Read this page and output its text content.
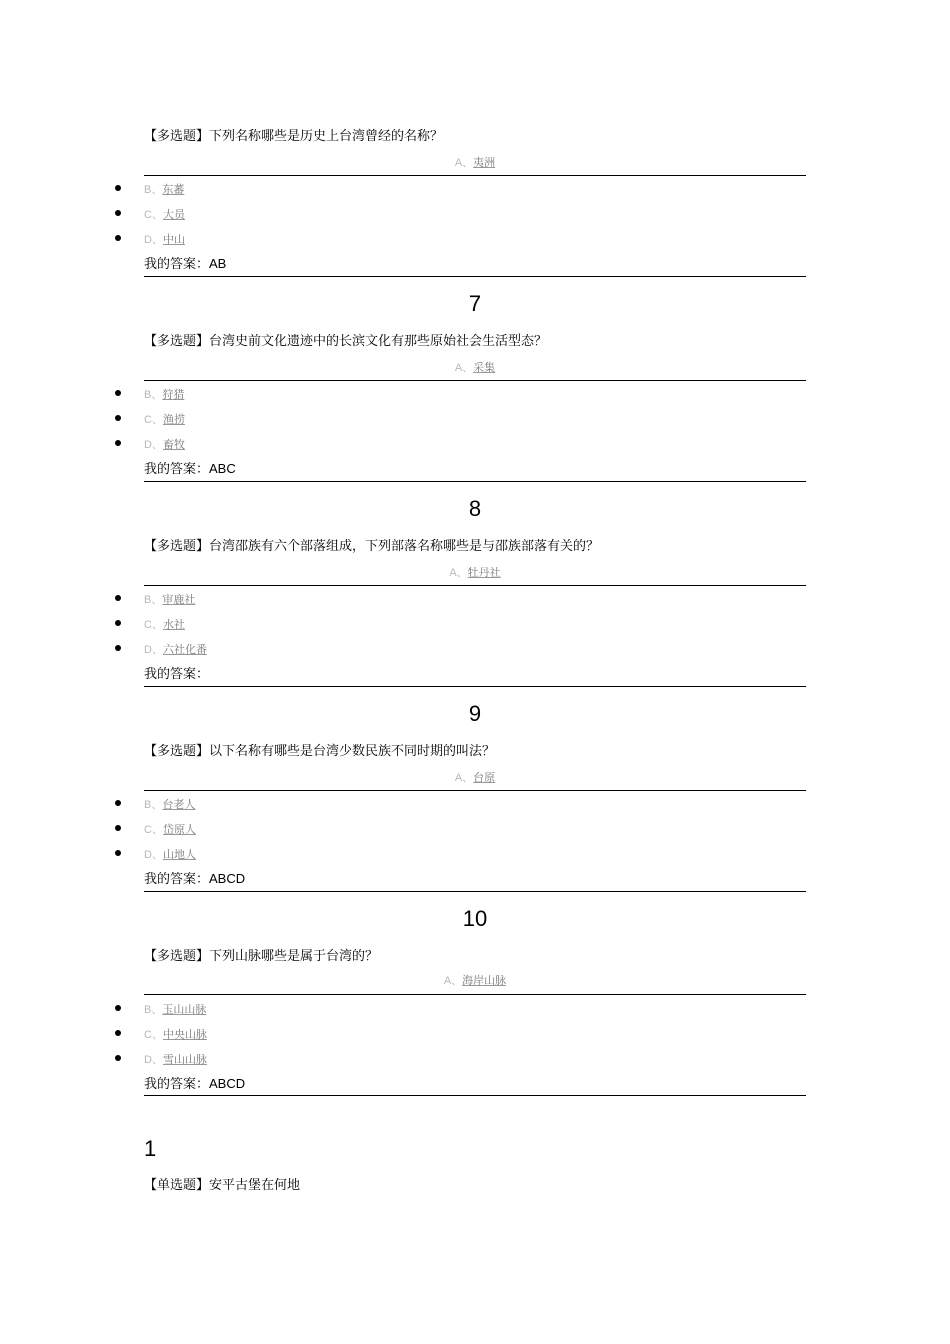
【多选题】下列名称哪些是历史上台湾曾经的名称？
A、夷洲
B、东蕃
C、大员
D、中山
我的答案：AB
7
【多选题】台湾史前文化遗迹中的长滨文化有那些原始社会生活型态？
A、采集
B、狩猎
C、渔捞
D、畜牧
我的答案：ABC
8
【多选题】台湾邵族有六个部落组成，下列部落名称哪些是与邵族部落有关的？
A、牡丹社
B、审鹿社
C、水社
D、六社化番
我的答案：
9
【多选题】以下名称有哪些是台湾少数民族不同时期的叫法？
A、台原
B、台老人
C、岱原人
D、山地人
我的答案：ABCD
10
【多选题】下列山脉哪些是属于台湾的？
A、海岸山脉
B、玉山山脉
C、中央山脉
D、雪山山脉
我的答案：ABCD
1
【单选题】安平古堡在何地
